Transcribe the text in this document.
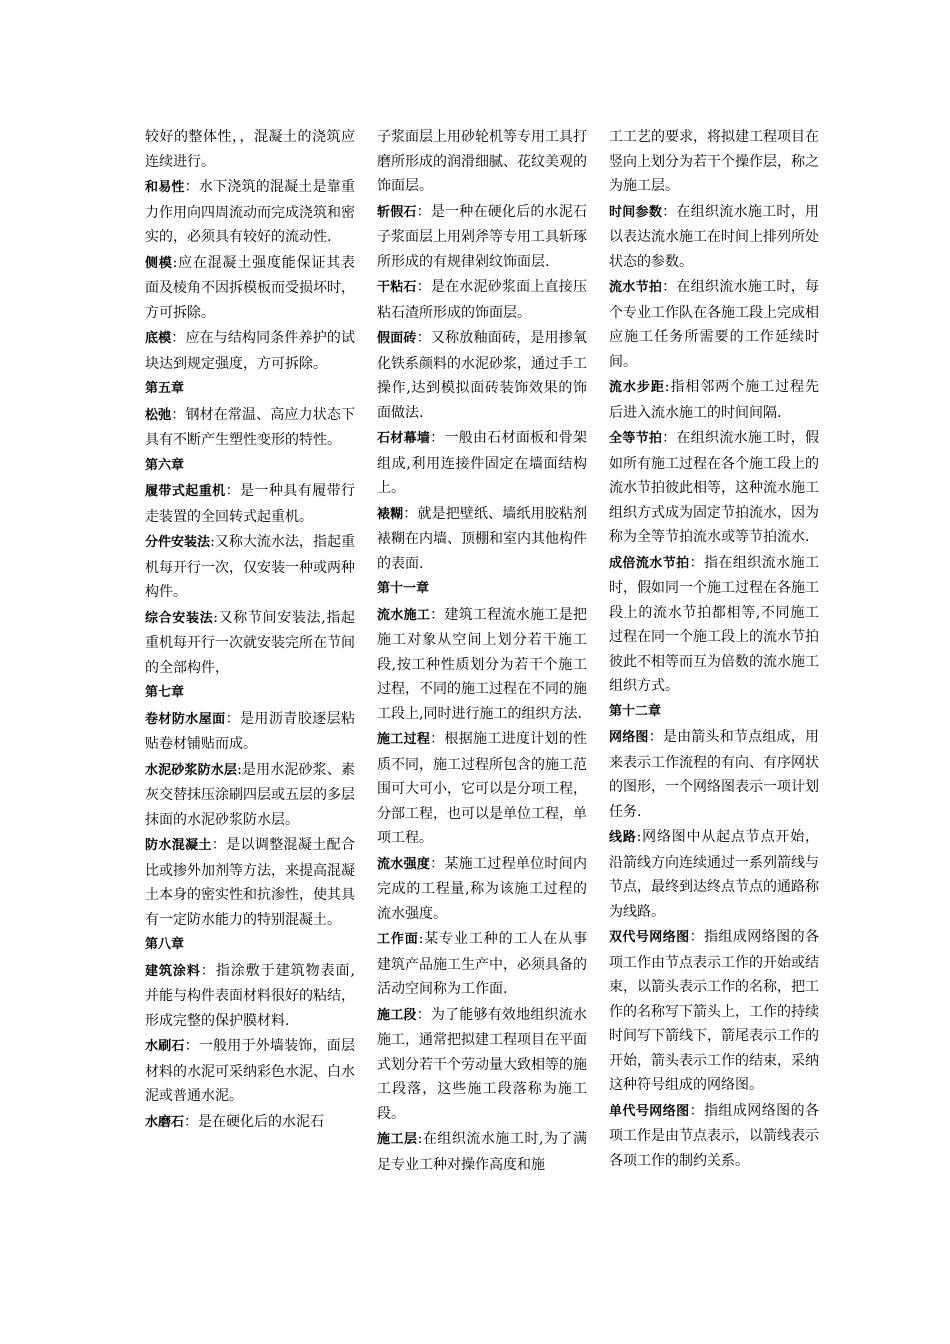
较好的整体性，，混凝土的浇筑应连续进行。
和易性：水下浇筑的混凝土是靠重力作用向四周流动而完成浇筑和密实的，必须具有较好的流动性.
侧模:应在混凝土强度能保证其表面及棱角不因拆模板而受损坏时，方可拆除。
底模：应在与结构同条件养护的试块达到规定强度，方可拆除。
第五章
松弛：钢材在常温、高应力状态下具有不断产生塑性变形的特性。
第六章
履带式起重机：是一种具有履带行走装置的全回转式起重机。
分件安装法:又称大流水法，指起重机每开行一次，仅安装一种或两种构件。
综合安装法:又称节间安装法,指起重机每开行一次就安装完所在节间的全部构件，
第七章
卷材防水屋面：是用沥青胶逐层粘贴卷材铺贴而成。
水泥砂浆防水层:是用水泥砂浆、素灰交替抹压涂刷四层或五层的多层抹面的水泥砂浆防水层。
防水混凝土：是以调整混凝土配合比或掺外加剂等方法，来提高混凝土本身的密实性和抗渗性，使其具有一定防水能力的特别混凝土。
第八章
建筑涂料：指涂敷于建筑物表面,并能与构件表面材料很好的粘结，形成完整的保护膜材料.
水刷石：一般用于外墙装饰，面层材料的水泥可采纳彩色水泥、白水泥或普通水泥。
水磨石：是在硬化后的水泥石
子浆面层上用砂轮机等专用工具打磨所形成的润滑细腻、花纹美观的饰面层。
斩假石：是一种在硬化后的水泥石子浆面层上用剁斧等专用工具斩琢所形成的有规律剁纹饰面层.
干粘石：是在水泥砂浆面上直接压粘石渣所形成的饰面层。
假面砖：又称放釉面砖，是用掺氧化铁系颜料的水泥砂浆，通过手工操作,达到模拟面砖装饰效果的饰面做法.
石材幕墙：一般由石材面板和骨架组成,利用连接件固定在墙面结构上。
裱糊：就是把壁纸、墙纸用胶粘剂裱糊在内墙、顶棚和室内其他构件的表面.
第十一章
流水施工：建筑工程流水施工是把施工对象从空间上划分若干施工段,按工种性质划分为若干个施工过程，不同的施工过程在不同的施工段上,同时进行施工的组织方法.
施工过程：根据施工进度计划的性质不同，施工过程所包含的施工范围可大可小，它可以是分项工程，分部工程，也可以是单位工程，单项工程。
流水强度：某施工过程单位时间内完成的工程量,称为该施工过程的流水强度。
工作面:某专业工种的工人在从事建筑产品施工生产中，必须具备的活动空间称为工作面.
施工段：为了能够有效地组织流水施工，通常把拟建工程项目在平面式划分若干个劳动量大致相等的施工段落，这些施工段落称为施工段。
施工层:在组织流水施工时,为了满足专业工种对操作高度和施
工工艺的要求，将拟建工程项目在竖向上划分为若干个操作层，称之为施工层。
时间参数：在组织流水施工时，用以表达流水施工在时间上排列所处状态的参数。
流水节拍：在组织流水施工时，每个专业工作队在各施工段上完成相应施工任务所需要的工作延续时间。
流水步距:指相邻两个施工过程先后进入流水施工的时间间隔.
全等节拍：在组织流水施工时，假如所有施工过程在各个施工段上的流水节拍彼此相等，这种流水施工组织方式成为固定节拍流水，因为称为全等节拍流水或等节拍流水.
成倍流水节拍：指在组织流水施工时，假如同一个施工过程在各施工段上的流水节拍都相等,不同施工过程在同一个施工段上的流水节拍彼此不相等而互为倍数的流水施工组织方式。
第十二章
网络图：是由箭头和节点组成，用来表示工作流程的有向、有序网状的图形，一个网络图表示一项计划任务.
线路:网络图中从起点节点开始，沿箭线方向连续通过一系列箭线与节点，最终到达终点节点的通路称为线路。
双代号网络图：指组成网络图的各项工作由节点表示工作的开始或结束，以箭头表示工作的名称，把工作的名称写下箭头上，工作的持续时间写下箭线下，箭尾表示工作的开始，箭头表示工作的结束，采纳这种符号组成的网络图。
单代号网络图：指组成网络图的各项工作是由节点表示，以箭线表示各项工作的制约关系。
